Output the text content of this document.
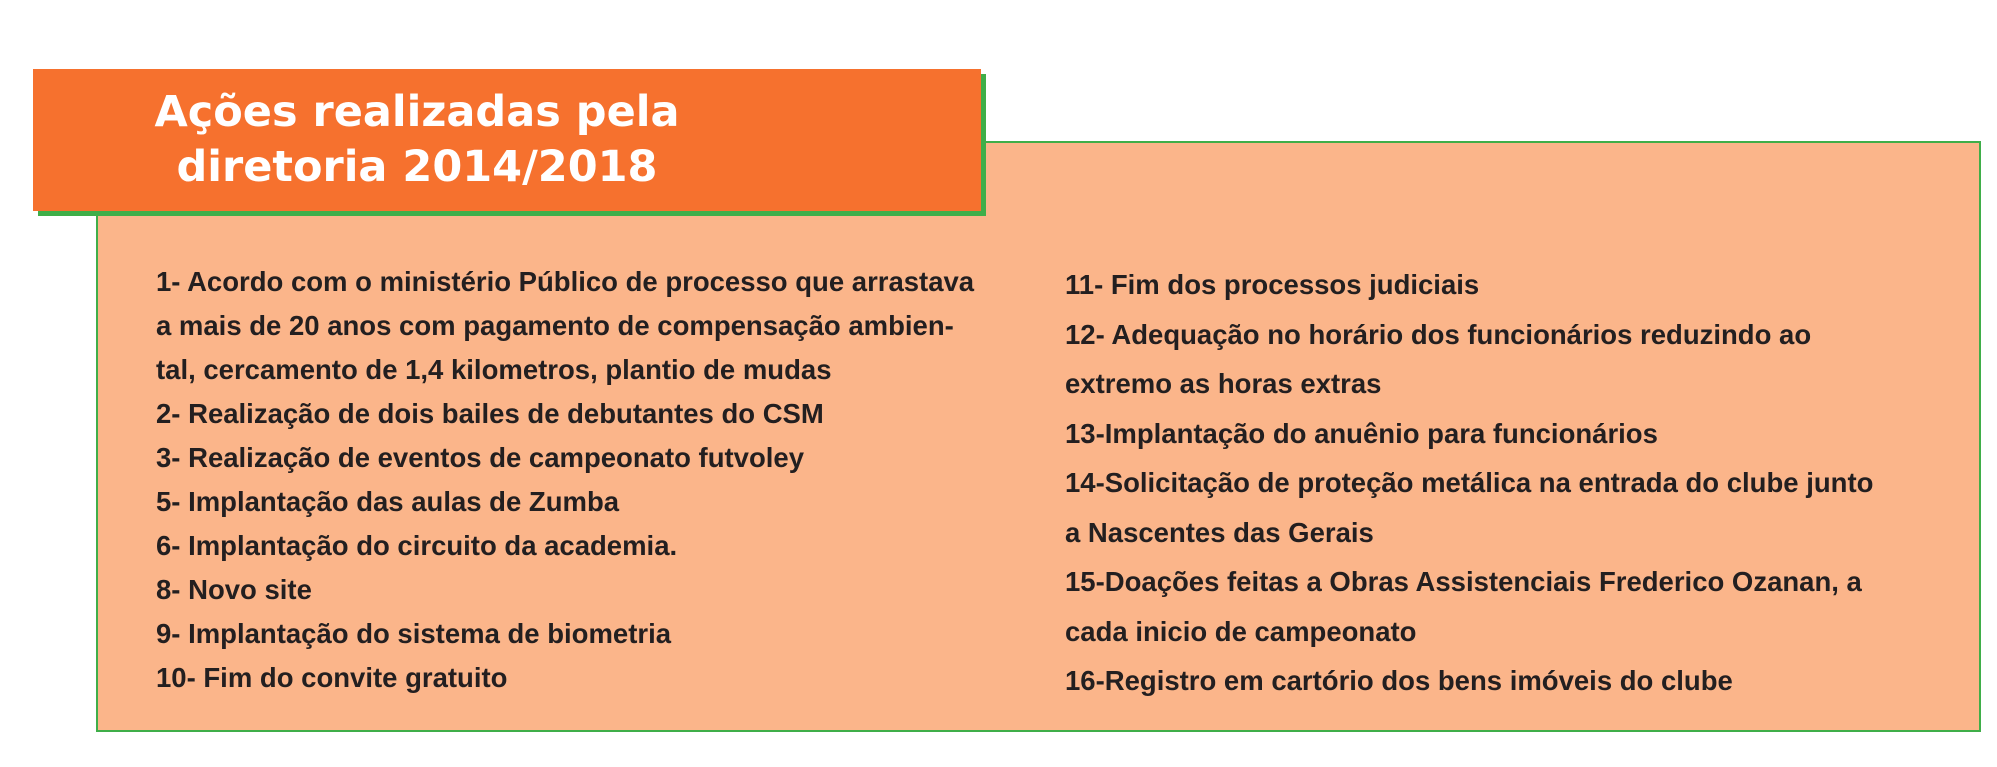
Ações realizadas pela
diretoria 2014/2018
1- Acordo com o ministério Público de processo que arrastava
a mais de 20 anos com pagamento de compensação ambien-
tal, cercamento de 1,4 kilometros, plantio de mudas
2- Realização de dois bailes de debutantes do CSM
3- Realização de eventos de campeonato futvoley
5- Implantação das aulas de Zumba
6- Implantação do circuito da academia.
8- Novo site
9- Implantação do sistema de biometria
10- Fim do convite gratuito
11- Fim dos processos judiciais
12- Adequação no horário dos funcionários reduzindo ao
extremo as horas extras
13-Implantação do anuênio para funcionários
14-Solicitação de proteção metálica na entrada do clube junto
a Nascentes das Gerais
15-Doações feitas a Obras Assistenciais Frederico Ozanan, a
cada inicio de campeonato
16-Registro em cartório dos bens imóveis do clube
